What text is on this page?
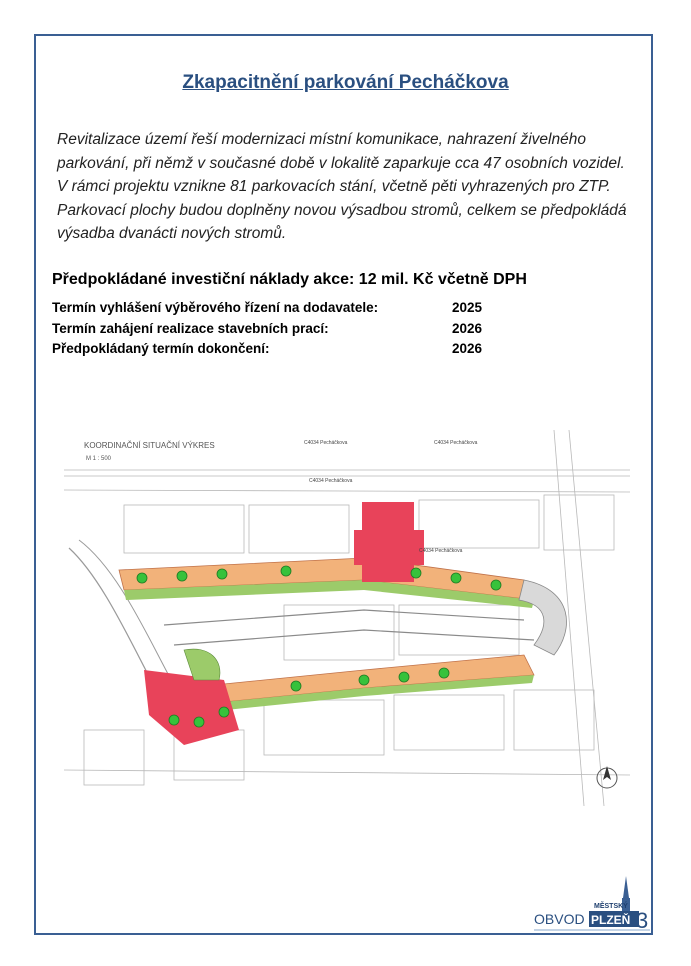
Zkapacitnění parkování Pecháčkova
Revitalizace území řeší modernizaci místní komunikace, nahrazení živelného parkování, při němž v současné době v lokalitě zaparkuje cca 47 osobních vozidel. V rámci projektu vznikne 81 parkovacích stání, včetně pěti vyhrazených pro ZTP. Parkovací plochy budou doplněny novou výsadbou stromů, celkem se předpokládá výsadba dvanácti nových stromů.
Předpokládané investiční náklady akce: 12 mil. Kč včetně DPH
Termín vyhlášení výběrového řízení na dodavatele:	2025
Termín zahájení realizace stavebních prací:	2026
Předpokládaný termín dokončení:	2026
KOORDINAČNÍ SITUAČNÍ VÝKRES
M 1 : 500
C4034 Pecháčkova	C4034 Pecháčkova
C4034 Pecháčkova
C4034 Pecháčkova
MĚSTSKÝ
OBVOD PLZEŇ 3
